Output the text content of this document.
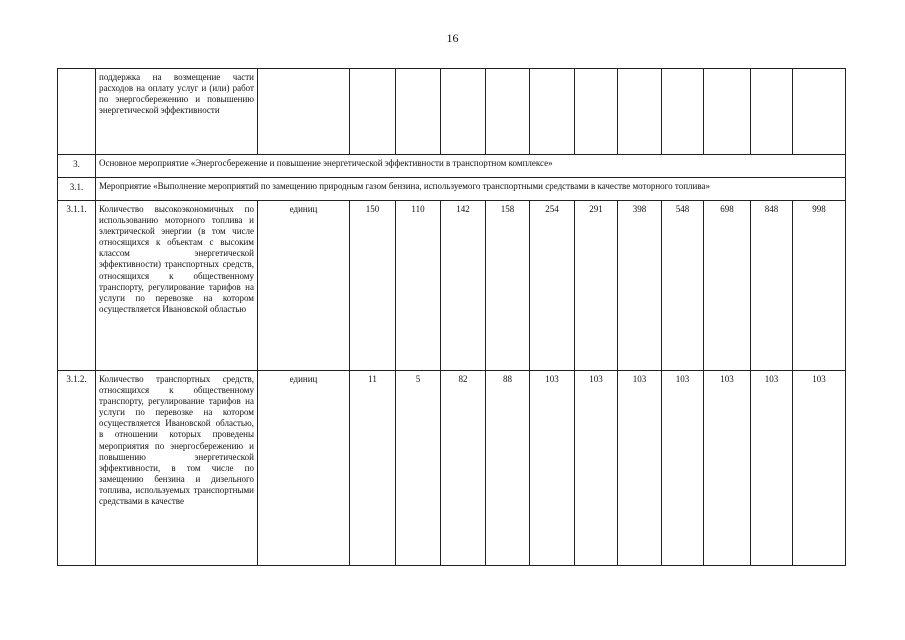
16
	поддержка на возмещение части расходов на оплату услуг и (или) работ по энергосбережению и повышению энергетической эффективности												
3.	Основное мероприятие «Энергосбережение и повышение энергетической эффективности в транспортном комплексе»												
3.1.	Мероприятие «Выполнение мероприятий по замещению природным газом бензина, используемого транспортными средствами в качестве моторного топлива»												
3.1.1.	Количество высокоэкономичных по использованию моторного топлива и электрической энергии (в том числе относящихся к объектам с высоким классом энергетической эффективности) транспортных средств, относящихся к общественному транспорту, регулирование тарифов на услуги по перевозке на котором осуществляется Ивановской областью	единиц	150	110	142	158	254	291	398	548	698	848	998
3.1.2.	Количество транспортных средств, относящихся к общественному транспорту, регулирование тарифов на услуги по перевозке на котором осуществляется Ивановской областью, в отношении которых проведены мероприятия по энергосбережению и повышению энергетической эффективности, в том числе по замещению бензина и дизельного топлива, используемых транспортными средствами в качестве	единиц	11	5	82	88	103	103	103	103	103	103	103
